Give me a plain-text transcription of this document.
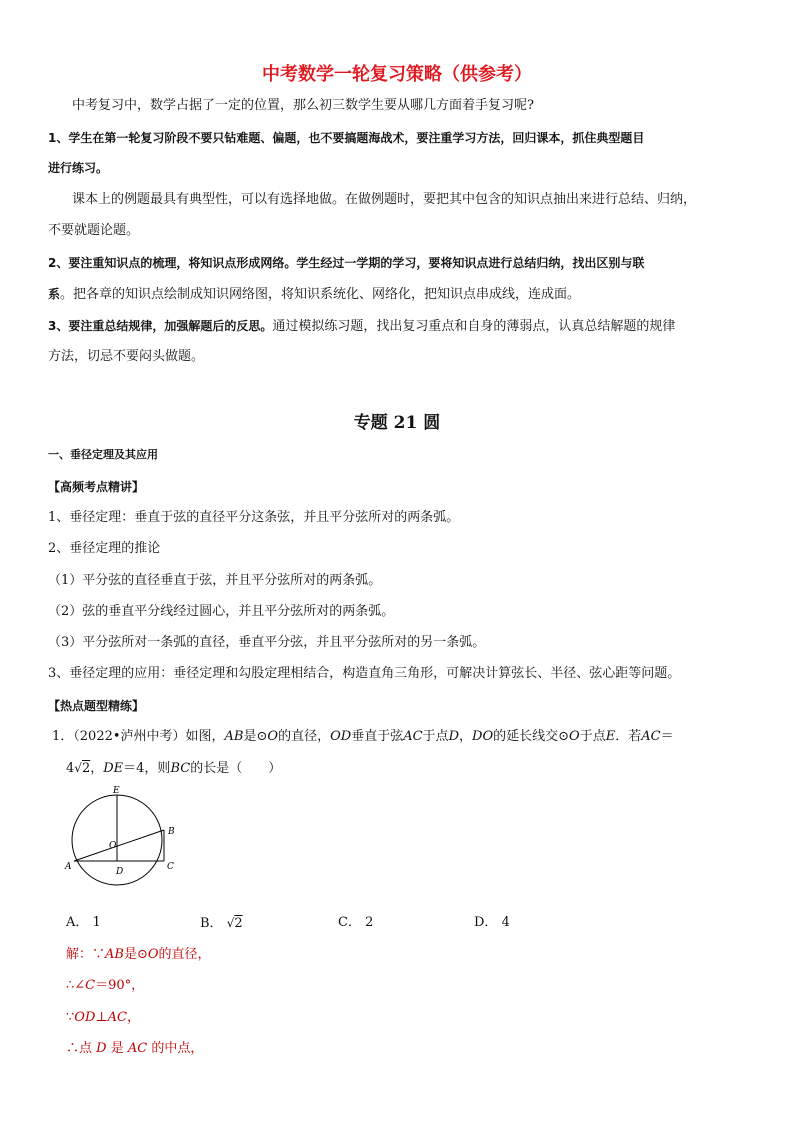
中考数学一轮复习策略（供参考）
中考复习中，数学占据了一定的位置，那么初三数学生要从哪几方面着手复习呢?
1、学生在第一轮复习阶段不要只钻难题、偏题，也不要搞题海战术，要注重学习方法，回归课本，抓住典型题目
进行练习。
课本上的例题最具有典型性，可以有选择地做。在做例题时，要把其中包含的知识点抽出来进行总结、归纳，
不要就题论题。
2、要注重知识点的梳理，将知识点形成网络。学生经过一学期的学习，要将知识点进行总结归纳，找出区别与联
系。把各章的知识点绘制成知识网络图，将知识系统化、网络化，把知识点串成线，连成面。
3、要注重总结规律，加强解题后的反思。通过模拟练习题，找出复习重点和自身的薄弱点，认真总结解题的规律
方法，切忌不要闷头做题。
专题 21 圆
一、垂径定理及其应用
【高频考点精讲】
1、垂径定理：垂直于弦的直径平分这条弦，并且平分弦所对的两条弧。
2、垂径定理的推论
（1）平分弦的直径垂直于弦，并且平分弦所对的两条弧。
（2）弦的垂直平分线经过圆心，并且平分弦所对的两条弧。
（3）平分弦所对一条弧的直径，垂直平分弦，并且平分弦所对的另一条弧。
3、垂径定理的应用：垂径定理和勾股定理相结合，构造直角三角形，可解决计算弦长、半径、弦心距等问题。
【热点题型精练】
1．（2022•泸州中考）如图，AB是⊙O的直径，OD垂直于弦AC于点D，DO的延长线交⊙O于点E．若AC＝
4√2，DE＝4，则BC的长是（　　）
E
O
B
A	D	C
A． 1	B． √2	C． 2	D． 4
解：∵AB是⊙O的直径，
∴∠C＝90°，
∵OD⊥AC，
∴点 D 是 AC 的中点，
